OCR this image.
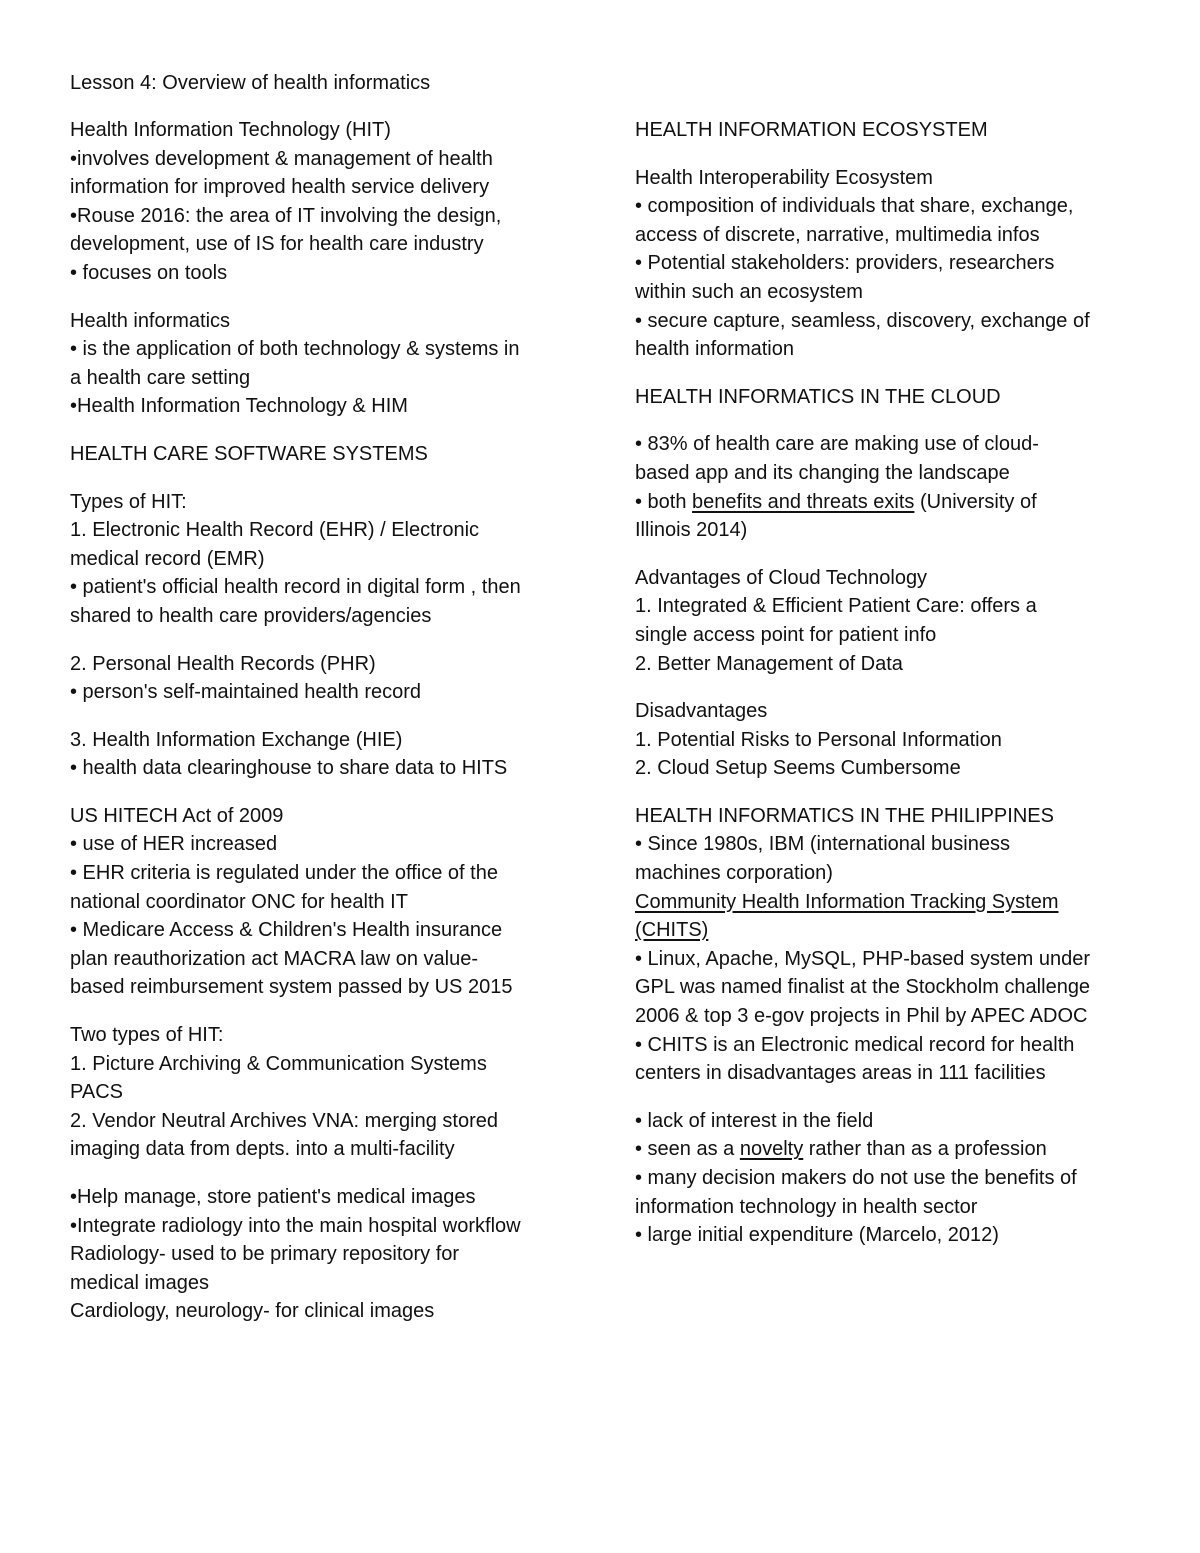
Lesson 4: Overview of health informatics
Health Information Technology (HIT)
•involves development & management of health
information for improved health service delivery
•Rouse 2016: the area of IT involving the design,
development, use of IS for health care industry
• focuses on tools
Health informatics
• is the application of both technology & systems in
a health care setting
•Health Information Technology & HIM
HEALTH CARE SOFTWARE SYSTEMS
Types of HIT:
1. Electronic Health Record (EHR) / Electronic
medical record (EMR)
• patient's official health record in digital form , then
shared to health care providers/agencies
2. Personal Health Records (PHR)
• person's self-maintained health record
3. Health Information Exchange (HIE)
• health data clearinghouse to share data to HITS
US HITECH Act of 2009
• use of HER increased
• EHR criteria is regulated under the office of the
national coordinator ONC for health IT
• Medicare Access & Children's Health insurance
plan reauthorization act MACRA law on value-
based reimbursement system passed by US 2015
Two types of HIT:
1. Picture Archiving & Communication Systems
PACS
2. Vendor Neutral Archives VNA: merging stored
imaging data from depts. into a multi-facility
•Help manage, store patient's medical images
•Integrate radiology into the main hospital workflow
Radiology- used to be primary repository for
medical images
Cardiology, neurology- for clinical images
HEALTH INFORMATION ECOSYSTEM
Health Interoperability Ecosystem
• composition of individuals that share, exchange,
access of discrete, narrative, multimedia infos
• Potential stakeholders: providers, researchers
within such an ecosystem
• secure capture, seamless, discovery, exchange of
health information
HEALTH INFORMATICS IN THE CLOUD
• 83% of health care are making use of cloud-
based app and its changing the landscape
• both benefits and threats exits (University of
Illinois 2014)
Advantages of Cloud Technology
1. Integrated & Efficient Patient Care: offers a
single access point for patient info
2. Better Management of Data
Disadvantages
1. Potential Risks to Personal Information
2. Cloud Setup Seems Cumbersome
HEALTH INFORMATICS IN THE PHILIPPINES
• Since 1980s, IBM (international business
machines corporation)
Community Health Information Tracking System
(CHITS)
• Linux, Apache, MySQL, PHP-based system under
GPL was named finalist at the Stockholm challenge
2006 & top 3 e-gov projects in Phil by APEC ADOC
• CHITS is an Electronic medical record for health
centers in disadvantages areas in 111 facilities
• lack of interest in the field
• seen as a novelty rather than as a profession
• many decision makers do not use the benefits of
information technology in health sector
• large initial expenditure (Marcelo, 2012)
